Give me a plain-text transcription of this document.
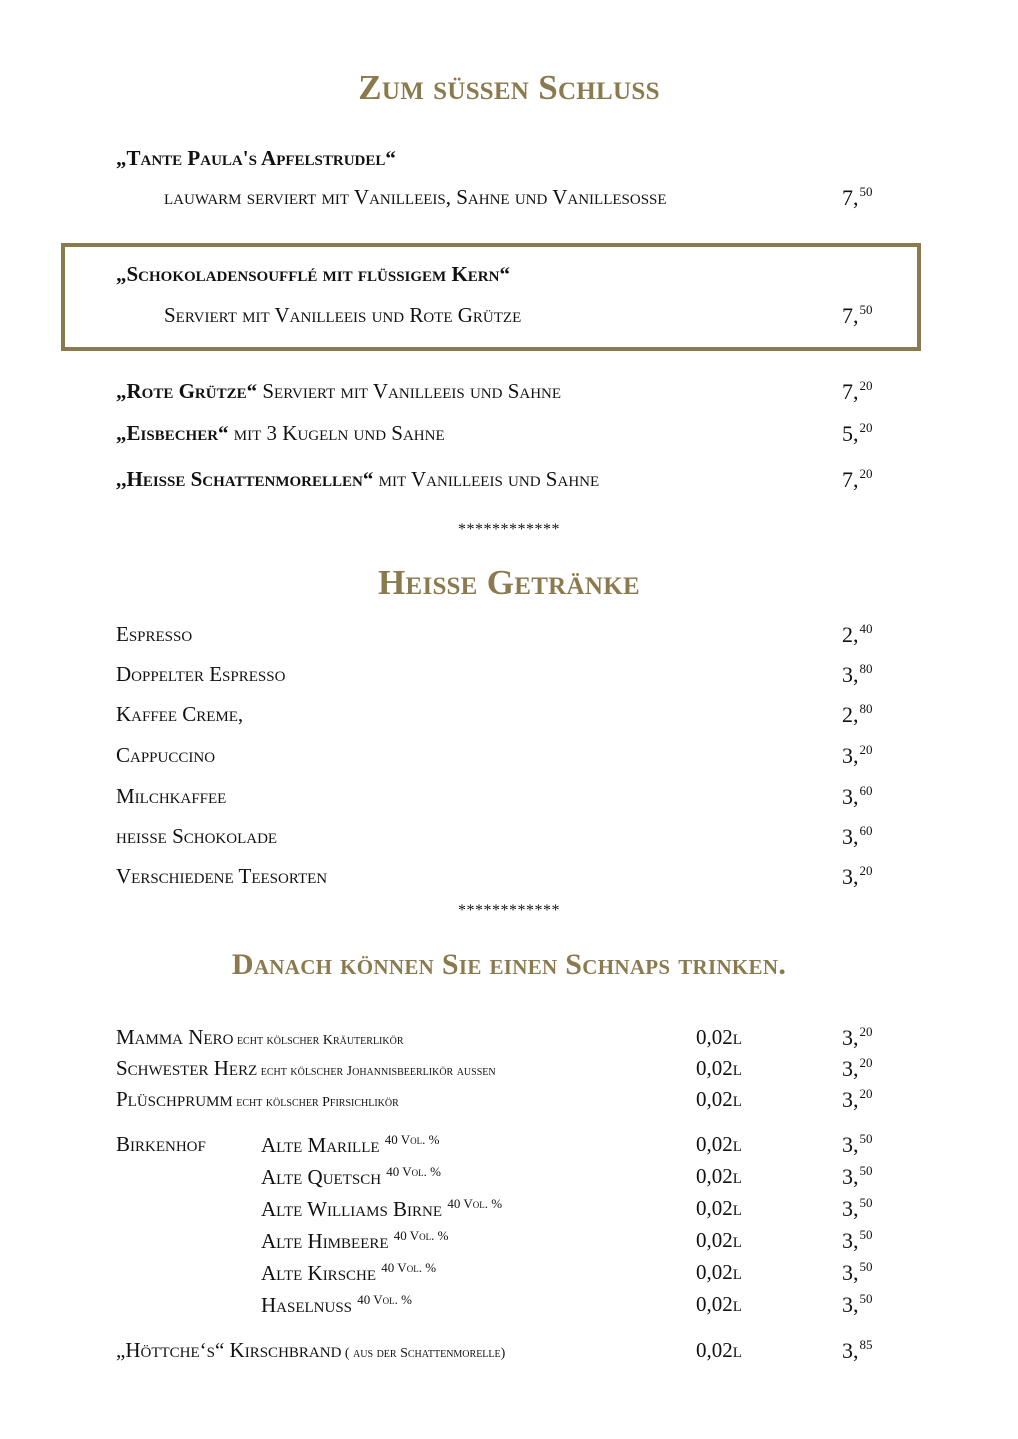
Zum süßen Schluss
„Tante Paula's Apfelstrudel“
lauwarm serviert mit Vanilleeis, Sahne und Vanillesoße	7,50
„Schokoladensoufflé mit flüssigem Kern“
Serviert mit Vanilleeis und Rote Grütze	7,50
„Rote Grütze“ Serviert mit Vanilleeis und Sahne	7,20
„Eisbecher“ mit 3 Kugeln und Sahne	5,20
,,Heiße Schattenmorellen“ mit Vanilleeis und Sahne	7,20
************
Heiße Getränke
Espresso	2,40
Doppelter Espresso	3,80
Kaffee Creme,	2,80
Cappuccino	3,20
Milchkaffee	3,60
heiße Schokolade	3,60
Verschiedene Teesorten	3,20
************
Danach können Sie einen Schnaps trinken.
Mamma Nero echt kölscher Kräuterlikör	0,02l	3,20
Schwester Herz echt kölscher Johannisbeerlikör aussen	0,02l	3,20
Plüschprumm echt kölscher Pfirsichlikör	0,02l	3,20
Birkenhof	Alte Marille $^{40 Vol. \%}$	0,02l	3,50
Alte Quetsch $^{40 Vol. \%}$	0,02l	3,50
Alte Williams Birne $^{40 Vol. \%}$	0,02l	3,50
Alte Himbeere $^{40 Vol. \%}$	0,02l	3,50
Alte Kirsche $^{40 Vol. \%}$	0,02l	3,50
Haselnuss $^{40 Vol. \%}$	0,02l	3,50
„Höttche‘s“ Kirschbrand ( aus der Schattenmorelle)	0,02l	3,85
